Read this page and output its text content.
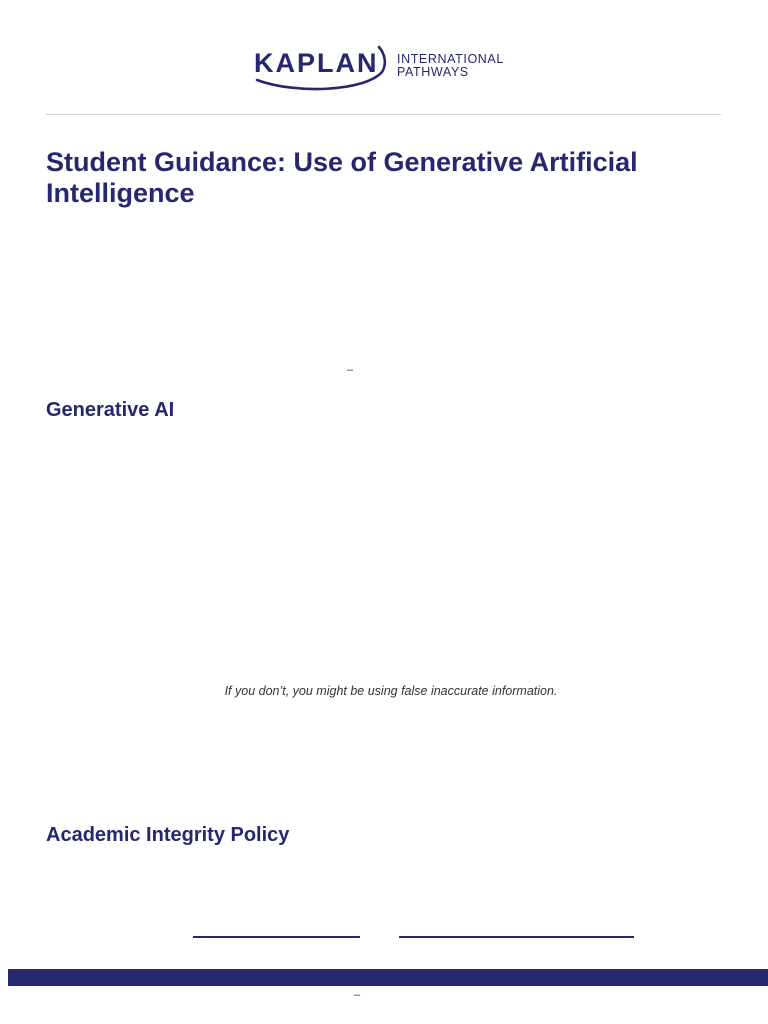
KAPLAN INTERNATIONAL
PATHWAYS
Student Guidance: Use of Generative Artificial Intelligence
–
Generative AI
If you don’t, you might be using false inaccurate information.
Academic Integrity Policy
–
